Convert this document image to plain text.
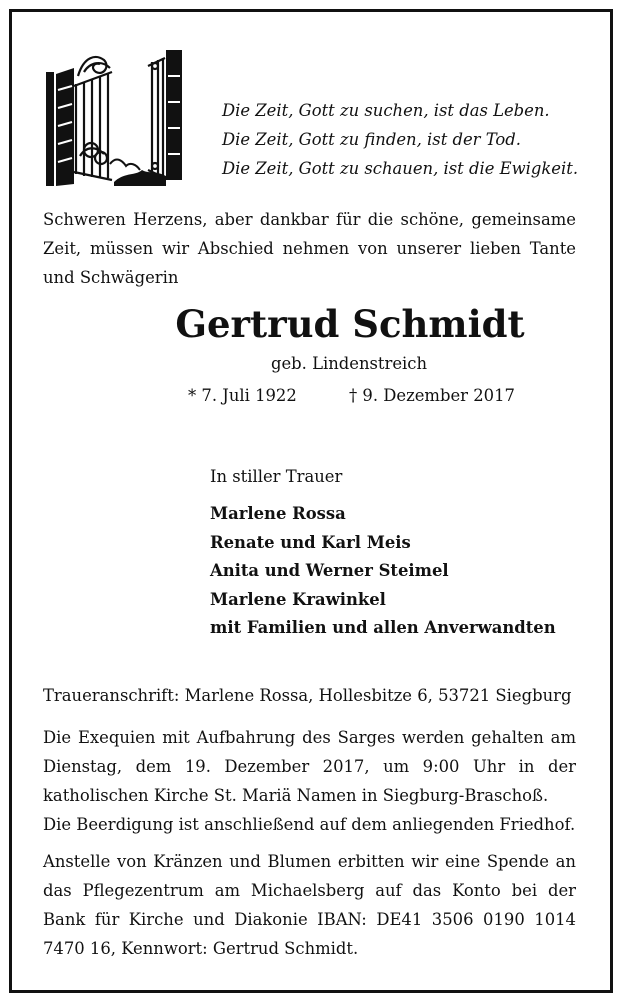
Die Zeit, Gott zu suchen, ist das Leben.
Die Zeit, Gott zu finden, ist der Tod.
Die Zeit, Gott zu schauen, ist die Ewigkeit.
Schweren Herzens, aber dankbar für die schöne, gemeinsame Zeit, müssen wir Abschied nehmen von unserer lieben Tante und Schwägerin
Gertrud Schmidt
geb. Lindenstreich
* 7. Juli 1922	† 9. Dezember 2017
In stiller Trauer
Marlene Rossa
Renate und Karl Meis
Anita und Werner Steimel
Marlene Krawinkel
mit Familien und allen Anverwandten
Traueranschrift: Marlene Rossa, Hollesbitze 6, 53721 Siegburg
Die Exequien mit Aufbahrung des Sarges werden gehalten am Dienstag, dem 19. Dezember 2017, um 9:00 Uhr in der katholischen Kirche St. Mariä Namen in Siegburg-Braschoß.
Die Beerdigung ist anschließend auf dem anliegenden Friedhof.
Anstelle von Kränzen und Blumen erbitten wir eine Spende an das Pflegezentrum am Michaelsberg auf das Konto bei der Bank für Kirche und Diakonie IBAN: DE41 3506 0190 1014 7470 16, Kennwort: Gertrud Schmidt.
